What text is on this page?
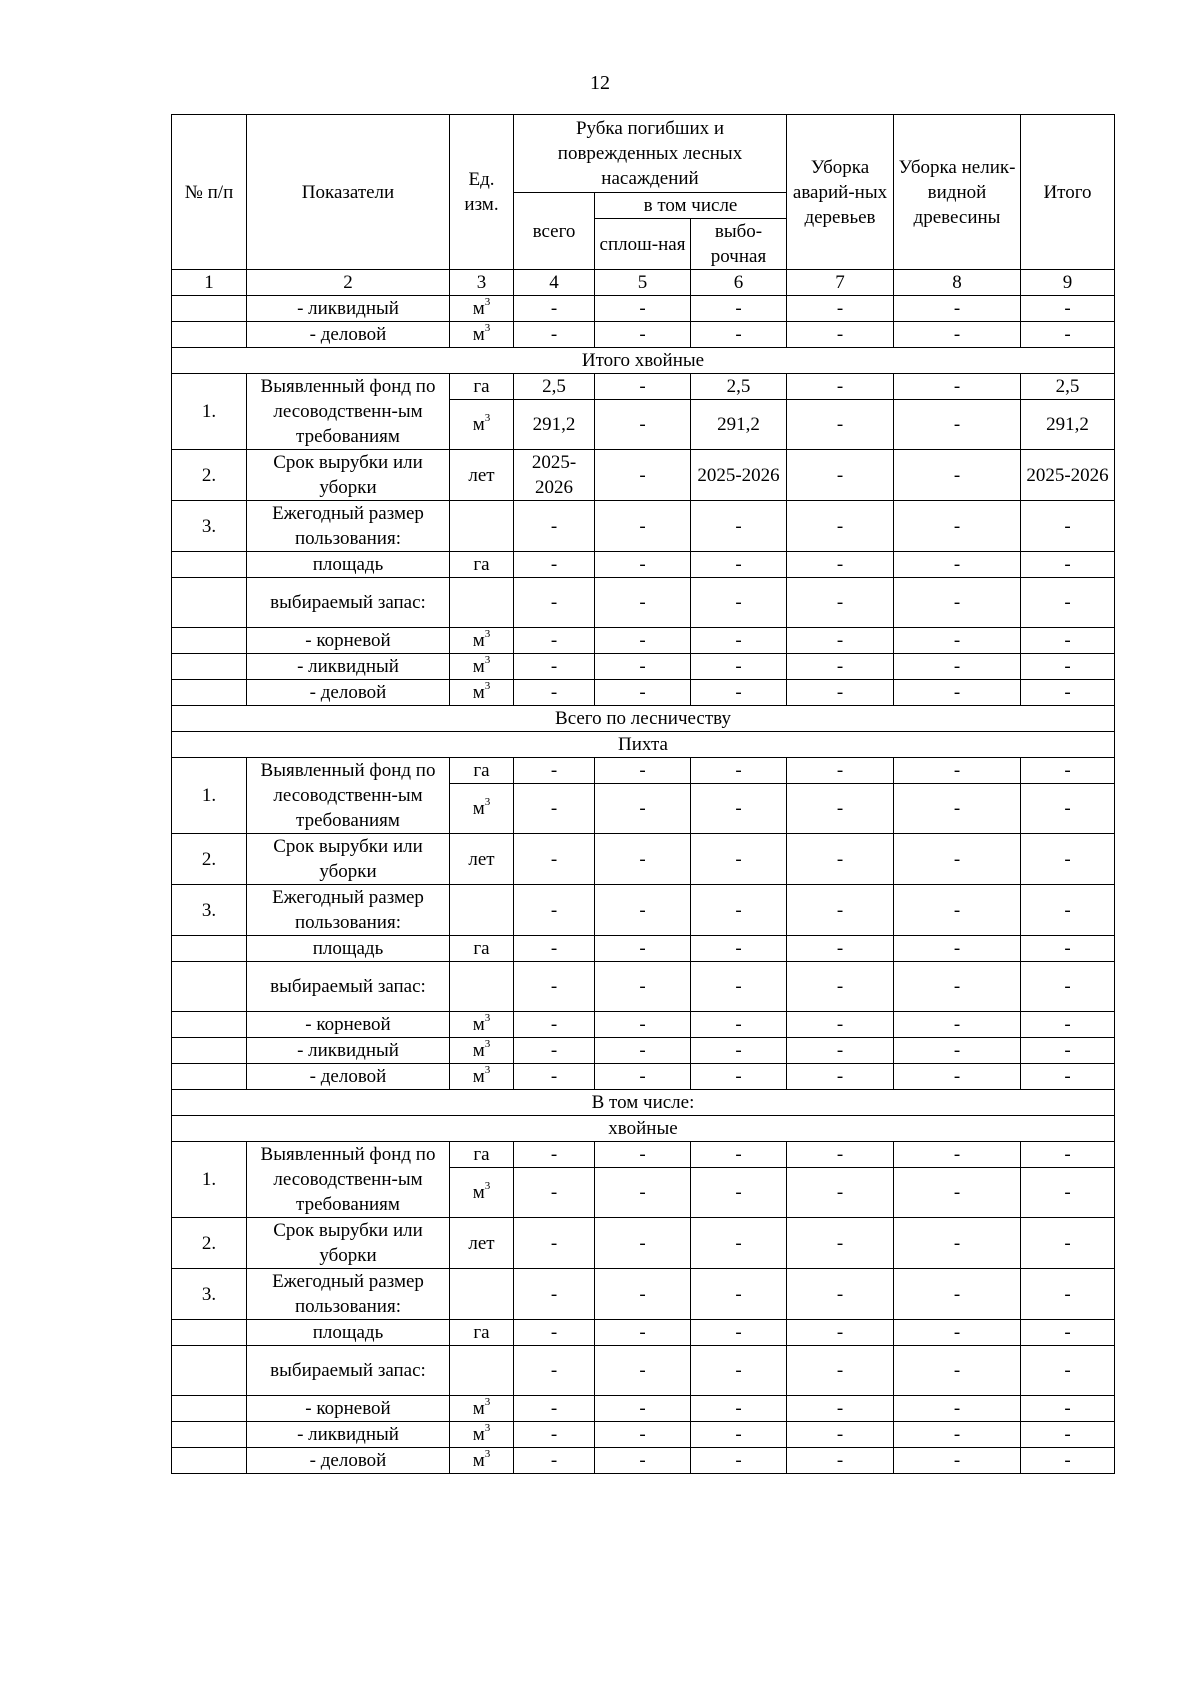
12
№ п/п	Показатели	Ед. изм.	Рубка погибших и поврежденных лесных насаждений			Уборка аварий-ных деревьев	Уборка нелик-видной древесины	Итого
			всего	в том числе				
				сплош-ная	выбо-рочная			
1	2	3	4	5	6	7	8	9
	- ликвидный	$м^3$	-	-	-	-	-	-
	- деловой	$м^3$	-	-	-	-	-	-
Итого хвойные								
1.	Выявленный фонд по лесоводственн-ым требованиям	га	2,5	-	2,5	-	-	2,5
		$м^3$	291,2	-	291,2	-	-	291,2
2.	Срок вырубки или уборки	лет	2025-2026	-	2025-2026	-	-	2025-2026
3.	Ежегодный размер пользования:		-	-	-	-	-	-
	площадь	га	-	-	-	-	-	-
	выбираемый запас:		-	-	-	-	-	-
	- корневой	$м^3$	-	-	-	-	-	-
	- ликвидный	$м^3$	-	-	-	-	-	-
	- деловой	$м^3$	-	-	-	-	-	-
Всего по лесничеству								
Пихта								
1.	Выявленный фонд по лесоводственн-ым требованиям	га	-	-	-	-	-	-
		$м^3$	-	-	-	-	-	-
2.	Срок вырубки или уборки	лет	-	-	-	-	-	-
3.	Ежегодный размер пользования:		-	-	-	-	-	-
	площадь	га	-	-	-	-	-	-
	выбираемый запас:		-	-	-	-	-	-
	- корневой	$м^3$	-	-	-	-	-	-
	- ликвидный	$м^3$	-	-	-	-	-	-
	- деловой	$м^3$	-	-	-	-	-	-
В том числе:								
хвойные								
1.	Выявленный фонд по лесоводственн-ым требованиям	га	-	-	-	-	-	-
		$м^3$	-	-	-	-	-	-
2.	Срок вырубки или уборки	лет	-	-	-	-	-	-
3.	Ежегодный размер пользования:		-	-	-	-	-	-
	площадь	га	-	-	-	-	-	-
	выбираемый запас:		-	-	-	-	-	-
	- корневой	$м^3$	-	-	-	-	-	-
	- ликвидный	$м^3$	-	-	-	-	-	-
	- деловой	$м^3$	-	-	-	-	-	-
